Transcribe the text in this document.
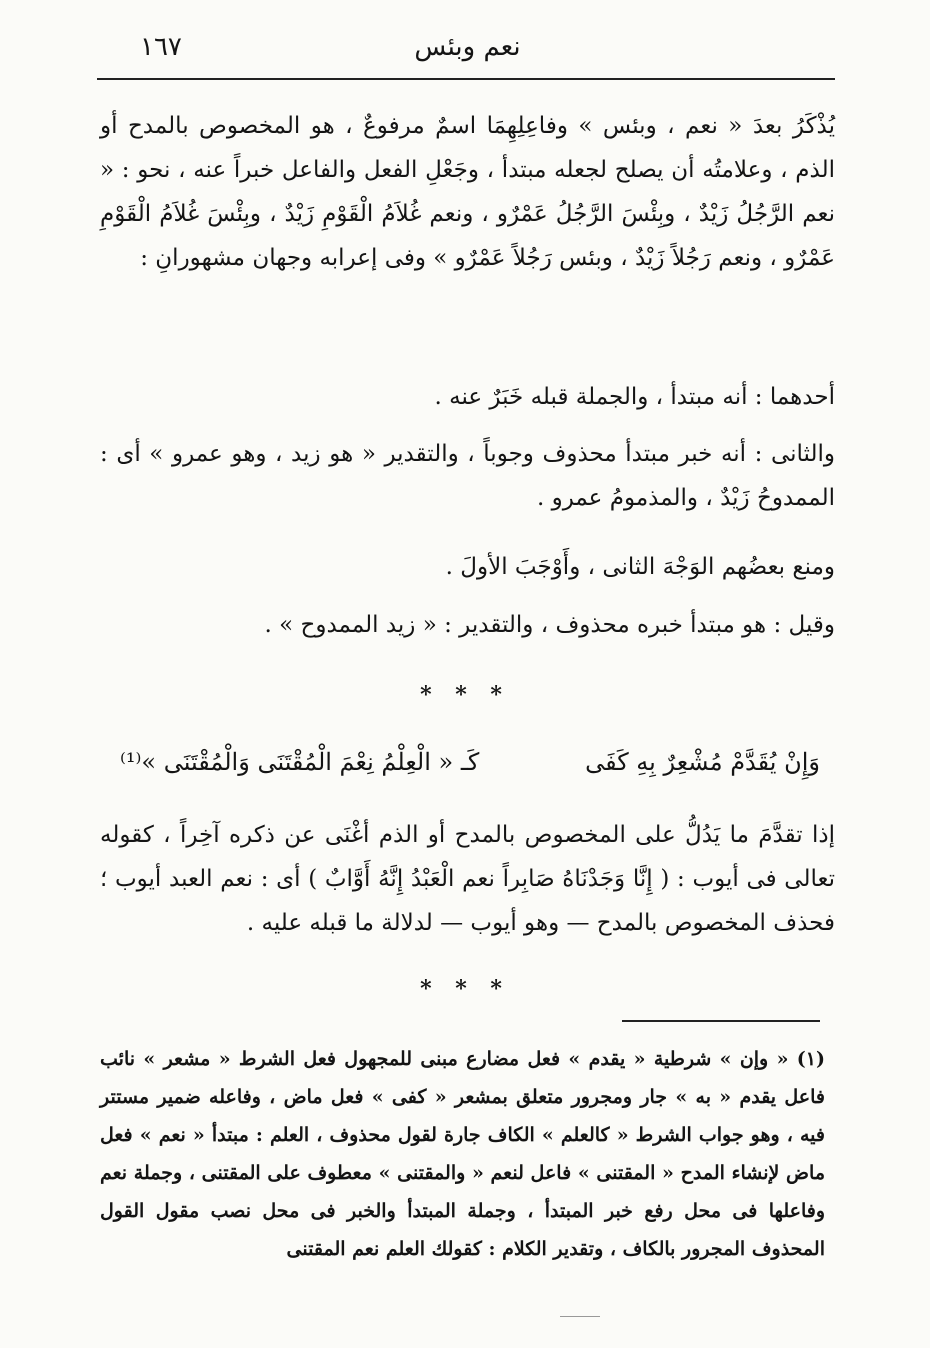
١٦٧	نعم وبئس

يُذْكَرُ بعدَ « نعم ، وبئس » وفاعِلِهِمَا اسمٌ مرفوعٌ ، هو المخصوص بالمدح أو الذم ، وعلامتُه أن يصلح لجعله مبتدأ ، وجَعْلِ الفعل والفاعل خبراً عنه ، نحو : « نعم الرَّجُلُ زَيْدٌ ، وبِئْسَ الرَّجُلُ عَمْرٌو ، ونعم غُلاَمُ الْقَوْمِ زَيْدٌ ، وبِئْسَ غُلاَمُ الْقَوْمِ عَمْرٌو ، ونعم رَجُلاً زَيْدٌ ، وبئس رَجُلاً عَمْرٌو » وفى إعرابه وجهان مشهورانِ :

أحدهما : أنه مبتدأ ، والجملة قبله خَبَرٌ عنه .

والثانى : أنه خبر مبتدأ محذوف وجوباً ، والتقدير « هو زيد ، وهو عمرو » أى : الممدوحُ زَيْدٌ ، والمذمومُ عمرو .

ومنع بعضُهم الوَجْهَ الثانى ، وأَوْجَبَ الأولَ .

وقيل : هو مبتدأ خبره محذوف ، والتقدير : « زيد الممدوح » .

* * *
وَإِنْ يُقَدَّمْ مُشْعِرٌ بِهِ كَفَى
كَـ « الْعِلْمُ نِعْمَ الْمُقْتَنَى وَالْمُقْتَنَى »⁽¹⁾

إذا تقدَّمَ ما يَدُلُّ على المخصوص بالمدح أو الذم أغْنَى عن ذكره آخِراً ، كقوله تعالى فى أيوب : ( إِنَّا وَجَدْنَاهُ صَابِراً نعم الْعَبْدُ إِنَّهُ أَوَّابٌ ) أى : نعم العبد أيوب ؛ فحذف المخصوص بالمدح — وهو أيوب — لدلالة ما قبله عليه .

* * *

(١) « وإن » شرطية « يقدم » فعل مضارع مبنى للمجهول فعل الشرط « مشعر » نائب فاعل يقدم « به » جار ومجرور متعلق بمشعر « كفى » فعل ماض ، وفاعله ضمير مستتر فيه ، وهو جواب الشرط « كالعلم » الكاف جارة لقول محذوف ، العلم : مبتدأ « نعم » فعل ماض لإنشاء المدح « المقتنى » فاعل لنعم « والمقتنى » معطوف على المقتنى ، وجملة نعم وفاعلها فى محل رفع خبر المبتدأ ، وجملة المبتدأ والخبر فى محل نصب مقول القول المحذوف المجرور بالكاف ، وتقدير الكلام : كقولك العلم نعم المقتنى
